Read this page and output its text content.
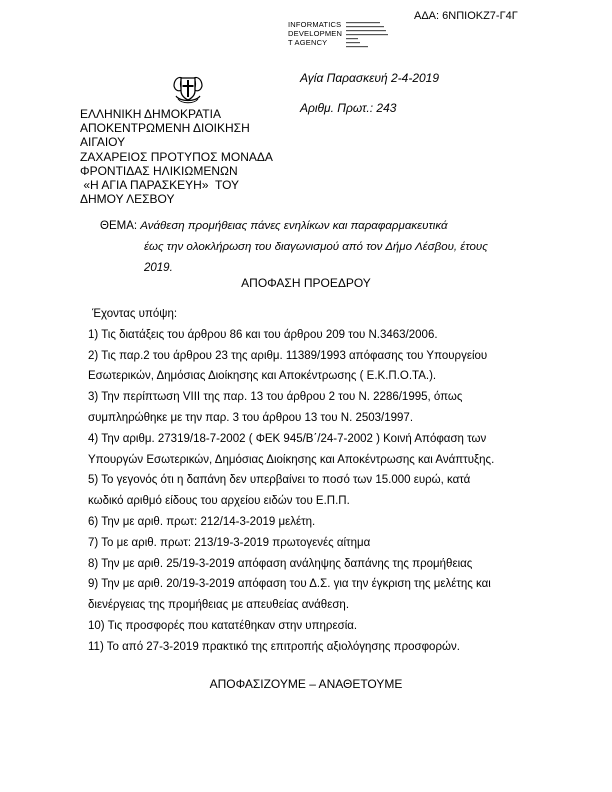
ΑΔΑ: 6ΝΠΙΟΚΖ7-Γ4Γ
INFORMATICS
DEVELOPMEN
T AGENCY
Αγία Παρασκευή 2-4-2019
Αριθμ. Πρωτ.: 243
ΕΛΛΗΝΙΚΗ ΔΗΜΟΚΡΑΤΙΑ
ΑΠΟΚΕΝΤΡΩΜΕΝΗ ΔΙΟΙΚΗΣΗ
ΑΙΓΑΙΟΥ
ΖΑΧΑΡΕΙΟΣ ΠΡΟΤΥΠΟΣ ΜΟΝΑΔΑ
ΦΡΟΝΤΙΔΑΣ ΗΛΙΚΙΩΜΕΝΩΝ
«Η ΑΓΙΑ ΠΑΡΑΣΚΕΥΗ»  ΤΟΥ
ΔΗΜΟΥ ΛΕΣΒΟΥ
ΘΕΜΑ: Ανάθεση προμήθειας πάνες ενηλίκων και παραφαρμακευτικά
έως την ολοκλήρωση του διαγωνισμού από τον Δήμο Λέσβου, έτους
2019.
ΑΠΟΦΑΣΗ ΠΡΟΕΔΡΟΥ
Έχοντας υπόψη:
1) Τις διατάξεις του άρθρου 86 και του άρθρου 209 του Ν.3463/2006.
2) Τις παρ.2 του άρθρου 23 της αριθμ. 11389/1993 απόφασης του Υπουργείου
Εσωτερικών, Δημόσιας Διοίκησης και Αποκέντρωσης ( Ε.Κ.Π.Ο.ΤΑ.).
3) Την περίπτωση VIII της παρ. 13 του άρθρου 2 του Ν. 2286/1995, όπως
συμπληρώθηκε με την παρ. 3 του άρθρου 13 του Ν. 2503/1997.
4) Την αριθμ. 27319/18-7-2002 ( ΦΕΚ 945/Β΄/24-7-2002 ) Κοινή Απόφαση των
Υπουργών Εσωτερικών, Δημόσιας Διοίκησης και Αποκέντρωσης και Ανάπτυξης.
5) Το γεγονός ότι η δαπάνη δεν υπερβαίνει το ποσό των 15.000 ευρώ, κατά
κωδικό αριθμό είδους του αρχείου ειδών του Ε.Π.Π.
6) Την με αριθ. πρωτ: 212/14-3-2019 μελέτη.
7) Το με αριθ. πρωτ: 213/19-3-2019 πρωτογενές αίτημα
8) Την με αριθ. 25/19-3-2019 απόφαση ανάληψης δαπάνης της προμήθειας
9) Την με αριθ. 20/19-3-2019 απόφαση του Δ.Σ. για την έγκριση της μελέτης και
διενέργειας της προμήθειας με απευθείας ανάθεση.
10) Τις προσφορές που κατατέθηκαν στην υπηρεσία.
11) Το από 27-3-2019 πρακτικό της επιτροπής αξιολόγησης προσφορών.
ΑΠΟΦΑΣΙΖΟΥΜΕ – ΑΝΑΘΕΤΟΥΜΕ
